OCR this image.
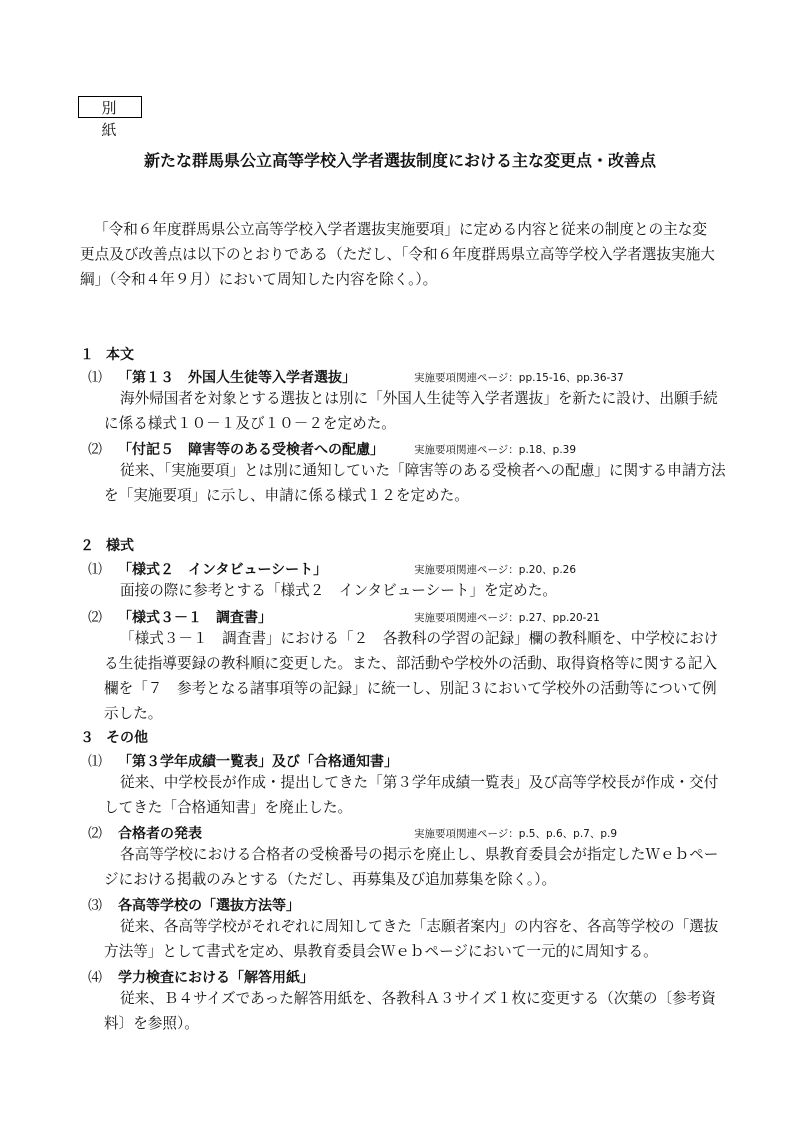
別　紙
新たな群馬県公立高等学校入学者選抜制度における主な変更点・改善点
「令和６年度群馬県公立高等学校入学者選抜実施要項」に定める内容と従来の制度との主な変更点及び改善点は以下のとおりである（ただし、「令和６年度群馬県立高等学校入学者選抜実施大綱」（令和４年９月）において周知した内容を除く。）。
１ 本文
⑴ 「第１３　外国人生徒等入学者選抜」	実施要項関連ページ：pp.15-16、pp.36-37
海外帰国者を対象とする選抜とは別に「外国人生徒等入学者選抜」を新たに設け、出願手続に係る様式１０－１及び１０－２を定めた。
⑵ 「付記５　障害等のある受検者への配慮」	実施要項関連ページ：p.18、p.39
従来、「実施要項」とは別に通知していた「障害等のある受検者への配慮」に関する申請方法を「実施要項」に示し、申請に係る様式１２を定めた。
２ 様式
⑴ 「様式２　インタビューシート」	実施要項関連ページ：p.20、p.26
面接の際に参考とする「様式２　インタビューシート」を定めた。
⑵ 「様式３－１　調査書」	実施要項関連ページ：p.27、pp.20-21
「様式３－１　調査書」における「２　各教科の学習の記録」欄の教科順を、中学校における生徒指導要録の教科順に変更した。また、部活動や学校外の活動、取得資格等に関する記入欄を「７　参考となる諸事項等の記録」に統一し、別記３において学校外の活動等について例示した。
３ その他
⑴ 「第３学年成績一覧表」及び「合格通知書」
従来、中学校長が作成・提出してきた「第３学年成績一覧表」及び高等学校長が作成・交付してきた「合格通知書」を廃止した。
⑵ 合格者の発表	実施要項関連ページ：p.5、p.6、p.7、p.9
各高等学校における合格者の受検番号の掲示を廃止し、県教育委員会が指定したＷｅｂページにおける掲載のみとする（ただし、再募集及び追加募集を除く。）。
⑶ 各高等学校の「選抜方法等」
従来、各高等学校がそれぞれに周知してきた「志願者案内」の内容を、各高等学校の「選抜方法等」として書式を定め、県教育委員会Ｗｅｂページにおいて一元的に周知する。
⑷ 学力検査における「解答用紙」
従来、Ｂ４サイズであった解答用紙を、各教科Ａ３サイズ１枚に変更する（次葉の〔参考資料〕を参照）。
